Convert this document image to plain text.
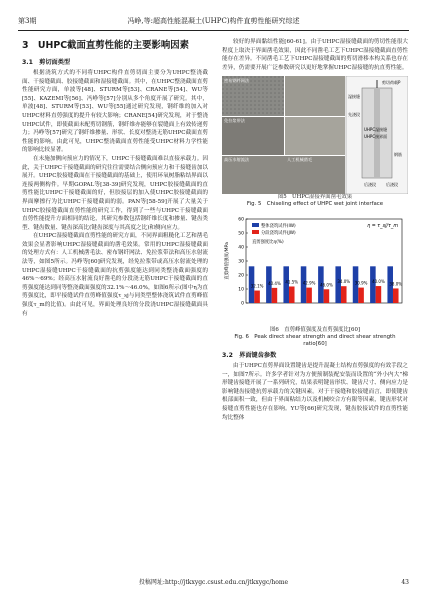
第3期	冯峥,等:超高性能混凝土(UHPC)构件直剪性能研究综述
3　UHPC截面直剪性能的主要影响因素
3.1　剪切面类型

根据浇筑方式的不同将UHPC构件直剪切面主要分为UHPC整浇截面、干接缝截面、胶接缝截面和湿接缝截面。其中，在UHPC整浇截面直剪性能研究方面，单波等[48]、STURM等[53]、CRANE等[54]、WU等[55]、KAZEMI等[56]、冯峥等[57]分别从多个角度开展了研究。其中，单波[48]、STURM等[53]、WU等[55]通过研究发现，钢纤维的加入对UHPC材料直剪强度的提升有较大影响；CRANE[54]研究发现，对于整浇UHPC试件，即使截面未配剪切钢筋，钢纤维亦能够在裂缝面上有效传递剪力；冯峥等[57]研究了钢纤维掺量、形状、长度对整浇无筋UHPC截面直剪性能的影响。由此可见，UHPC整浇截面直剪性能受UHPC材料力学性能的影响比较显著。

在未施加侧向预应力的情况下，UHPC干接缝截面难以直接承载力。因此，关于UHPC干接缝截面的研究往往需要结合侧向预应力和干接缝齿加以展开。UHPC胶接缝截面在干接缝截面的基础上，使用环氧树脂粘结界面以连接两侧构件。早期GOPAL等[38-39]研究发现，UHPC胶接缝截面的直剪性能比UHPC干接缝截面的好，但胶接层的加入使UHPC胶接缝截面的界面摩擦行为比UHPC干接缝截面的弱。PAN等[58-59]开展了大量关于UHPC胶接缝截面直剪性能的研究工作，得到了一些与UHPC干接缝截面直剪性能提升方面相同的结论，其研究参数包括钢纤维长度和掺量、键齿类型、键齿数量、键齿深高比(键齿深度与其高度之比)和侧向应力。

在UHPC湿接缝截面直剪性能的研究方面，不同界面粗糙化工艺和凿毛效果会显著影响UHPC湿接缝截面的凿毛效果。常用的UHPC湿接缝截面的处理方式有：人工机械凿毛法、密布钢纤网法、免拉浆带法和高压水射流法等，如图5所示。冯峥等[60]研究发现，经免拉浆带或高压水射流处理的UHPC湿接缝UHPC干接缝截面的抗剪强度能达到同类整浇截面强度的46%～69%；经高压水射流良好凿毛的分段浇无筋UHPC干接缝截面的直剪强度能达到同等整浇截面强度的32.1%～46.0%，如图6所示(图中η为直剪强度比，即平接缝试件直剪峰值强度τ_sj与同类型整体浇筑试件直剪峰值强度τ_m的比值)。由此可见，界面处理良好的分段浇UHPC湿接缝截面具有

较好的界面黏结性能[60-61]。由于UHPC湿接缝截面的剪切性能很大程度上取决于界面凿毛效果，因此不同凿毛工艺下UHPC湿接缝截面直剪性能存在差异。不同凿毛工艺下UHPC湿接缝截面的剪切滑移本构关系也存在差异，仍需要开展广泛参数研究以更好地掌握UHPC湿接缝的抗直剪性能。

密布钢纤网法
免拉浆带法
高压水射流法	人工机械凿毛
剪切荷载P
湿接缝
先浇段
UHPC湿接缝
UHPC接界面
钢筋
后浇段	后浇段
图5　UHPC湿接界面凿毛效果
Fig. 5　Chiseling effect of UHPC wet joint interface
0
10
20
30
40
50
60
直剪峰值强度/MPa
32.1%
40.4% 41.5% 42.9% 46.0%
34.0% 30.9% 40.0% 38.0%
整体浇筑试件(IW)
分段浇筑试件(JW)
η = τ_sj/τ_m
直剪强度比η(%)
图6　直剪峰值强度及直剪强度比[60]
Fig. 6　Peak direct shear strength and direct shear strength ratio[60]
3.2　界面键齿参数

由于UHPC直剪界面设置键齿是提升混凝土结构直剪强度的有效手段之一，如图7所示。许多学者针对为方便预制装配安装而设置的“外小内大”梯形键齿接缝开展了一系列研究，结果表明键齿形状、键齿尺寸、侧向应力是影响键齿接缝抗剪承载力的关键因素。对于干接缝和胶接缝而言，即使键齿根部面积一致，但由于界面粘结力以及机械咬合方有限等因素，键齿形状对接缝直剪性能也存在影响。YU等[66]研究发现，键齿胶接试件的直剪性能均比整体

投稿网址:http://jtkxygc.csust.edu.cn/jtkxygc/home	43
